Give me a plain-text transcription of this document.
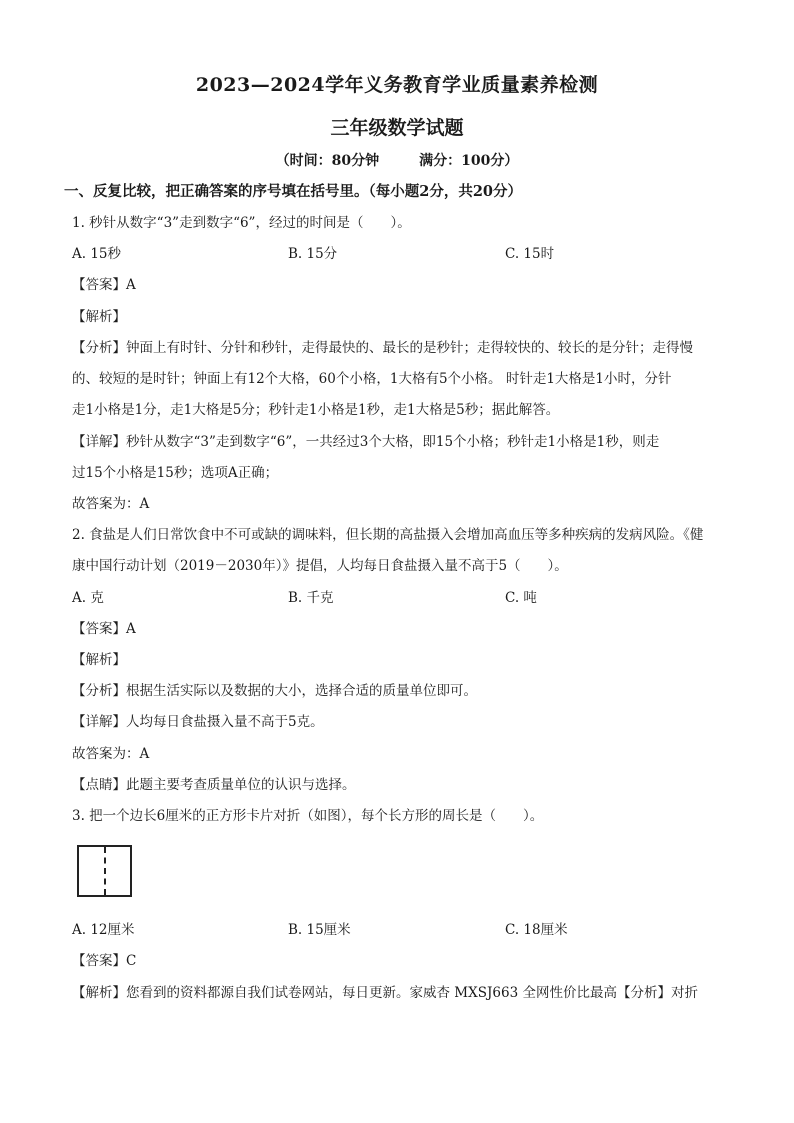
2023—2024学年义务教育学业质量素养检测
三年级数学试题
（时间：80分钟	满分：100分）
一、反复比较，把正确答案的序号填在括号里。（每小题2分，共20分）
1. 秒针从数字“3”走到数字“6”，经过的时间是（　　）。
A. 15秒	B. 15分	C. 15时
【答案】A
【解析】
【分析】钟面上有时针、分针和秒针，走得最快的、最长的是秒针；走得较快的、较长的是分针；走得慢
的、较短的是时针；钟面上有12个大格，60个小格，1大格有5个小格。 时针走1大格是1小时，分针
走1小格是1分，走1大格是5分；秒针走1小格是1秒，走1大格是5秒；据此解答。
【详解】秒针从数字“3”走到数字“6”，一共经过3个大格，即15个小格；秒针走1小格是1秒，则走
过15个小格是15秒；选项A正确；
故答案为：A
2. 食盐是人们日常饮食中不可或缺的调味料，但长期的高盐摄入会增加高血压等多种疾病的发病风险。《健
康中国行动计划（2019－2030年）》提倡，人均每日食盐摄入量不高于5（　　）。
A. 克	B. 千克	C. 吨
【答案】A
【解析】
【分析】根据生活实际以及数据的大小，选择合适的质量单位即可。
【详解】人均每日食盐摄入量不高于5克。
故答案为：A
【点睛】此题主要考查质量单位的认识与选择。
3. 把一个边长6厘米的正方形卡片对折（如图），每个长方形的周长是（　　）。
A. 12厘米	B. 15厘米	C. 18厘米
【答案】C
【解析】您看到的资料都源自我们试卷网站，每日更新。家威杏 MXSJ663 全网性价比最高【分析】对折
